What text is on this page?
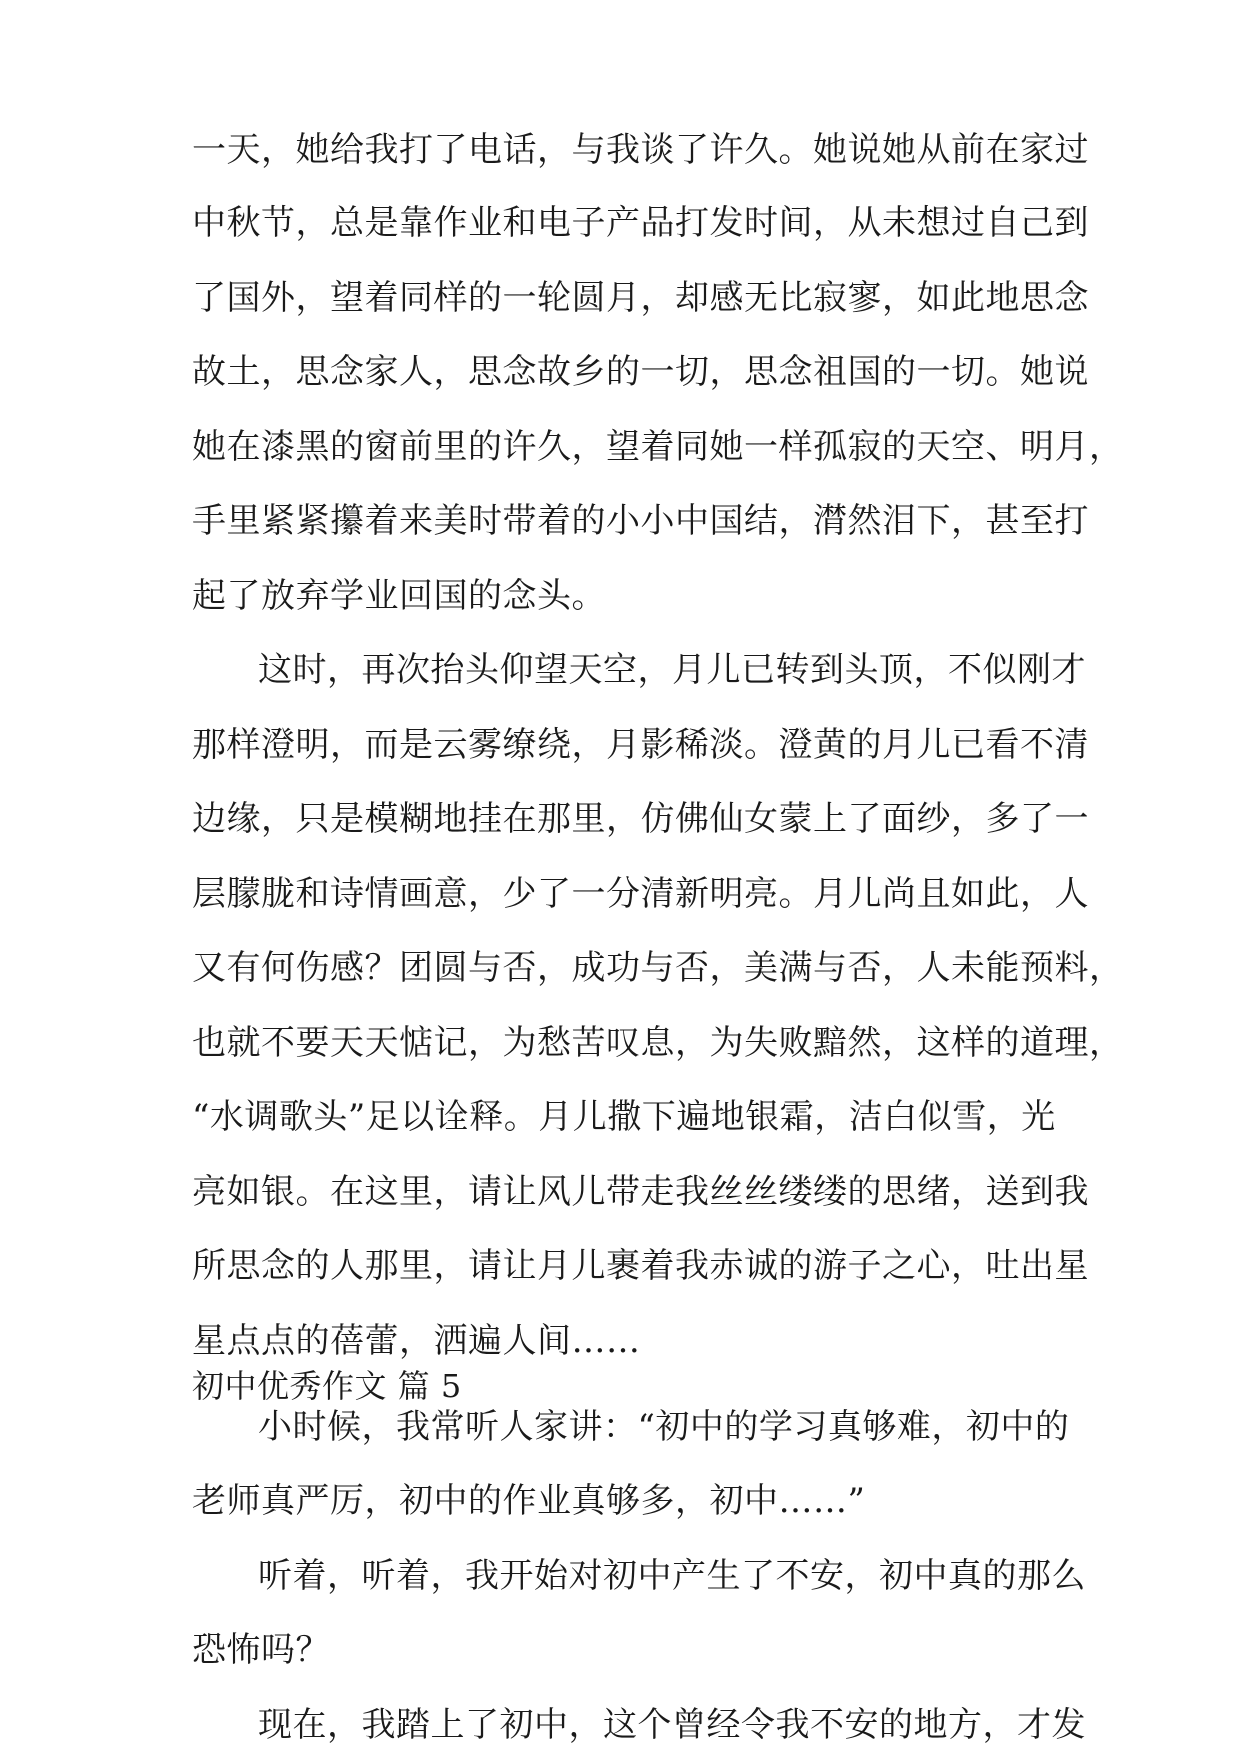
一天，她给我打了电话，与我谈了许久。她说她从前在家过
中秋节，总是靠作业和电子产品打发时间，从未想过自己到
了国外，望着同样的一轮圆月，却感无比寂寥，如此地思念
故土，思念家人，思念故乡的一切，思念祖国的一切。她说
她在漆黑的窗前里的许久，望着同她一样孤寂的天空、明月，
手里紧紧攥着来美时带着的小小中国结，潸然泪下，甚至打
起了放弃学业回国的念头。
这时，再次抬头仰望天空，月儿已转到头顶，不似刚才
那样澄明，而是云雾缭绕，月影稀淡。澄黄的月儿已看不清
边缘，只是模糊地挂在那里，仿佛仙女蒙上了面纱，多了一
层朦胧和诗情画意，少了一分清新明亮。月儿尚且如此，人
又有何伤感？团圆与否，成功与否，美满与否，人未能预料，
也就不要天天惦记，为愁苦叹息，为失败黯然，这样的道理，
“水调歌头”足以诠释。月儿撒下遍地银霜，洁白似雪，光
亮如银。在这里，请让风儿带走我丝丝缕缕的思绪，送到我
所思念的人那里，请让月儿裹着我赤诚的游子之心，吐出星
星点点的蓓蕾，洒遍人间……
初中优秀作文 篇 5
小时候，我常听人家讲：“初中的学习真够难，初中的
老师真严厉，初中的作业真够多，初中……”
听着，听着，我开始对初中产生了不安，初中真的那么
恐怖吗？
现在，我踏上了初中，这个曾经令我不安的地方，才发
